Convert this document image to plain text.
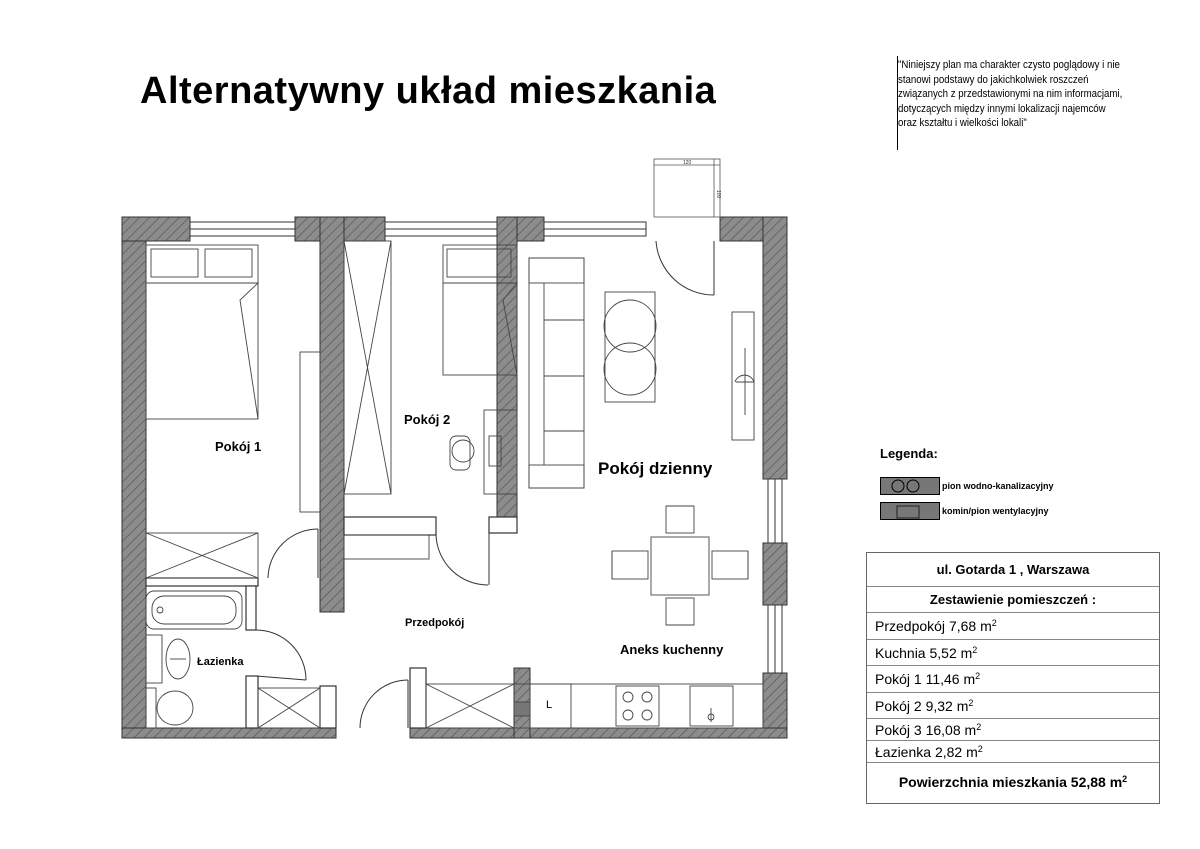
Alternatywny układ mieszkania
"Niniejszy plan ma charakter czysto poglądowy i nie stanowi podstawy do jakichkolwiek roszczeń związanych z przedstawionymi na nim informacjami, dotyczących między innymi lokalizacji najemców oraz kształtu i wielkości lokali"
120
100
Pokój 1
Pokój 2
Pokój dzienny
Przedpokój
Łazienka
Aneks kuchenny
L
Legenda:
pion wodno-kanalizacyjny
komin/pion wentylacyjny
ul. Gotarda 1 , Warszawa
Zestawienie pomieszczeń :
Przedpokój 7,68 $m^2$
Kuchnia 5,52 $m^2$
Pokój 1 11,46 $m^2$
Pokój 2 9,32 $m^2$
Pokój 3 16,08 $m^2$
Łazienka 2,82 $m^2$
Powierzchnia mieszkania 52,88 $m^2$
